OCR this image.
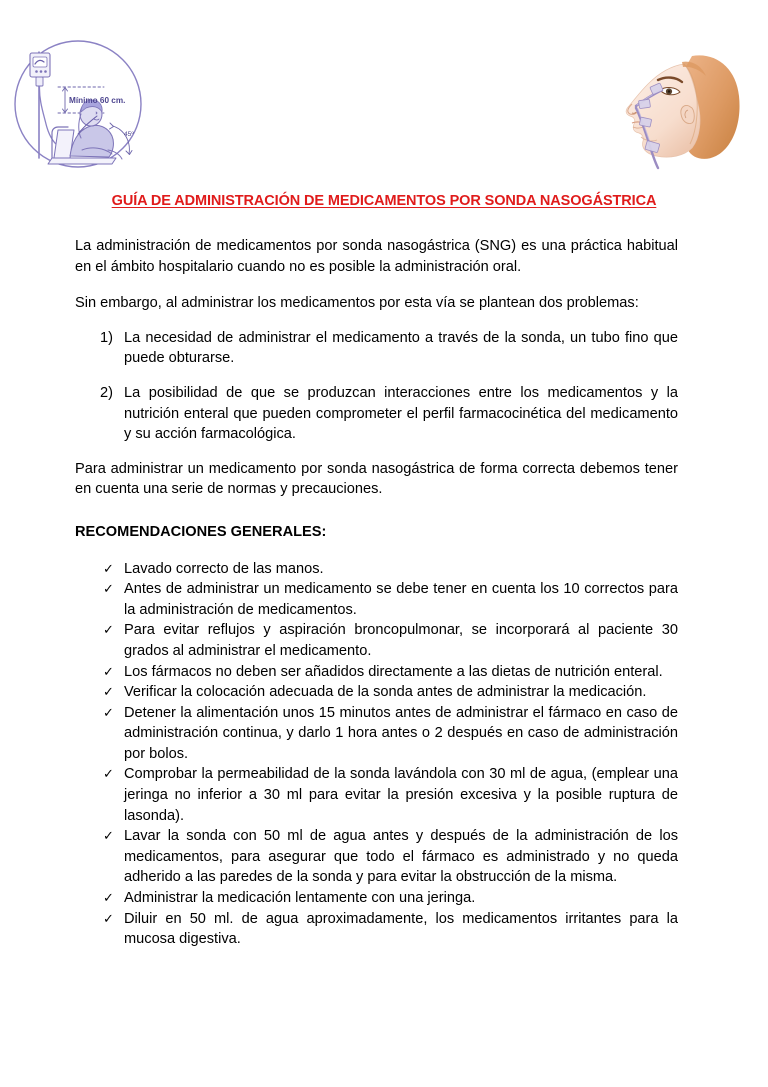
Mínimo 60 cm.
45º
GUÍA DE ADMINISTRACIÓN DE MEDICAMENTOS POR SONDA NASOGÁSTRICA

La administración de medicamentos por sonda nasogástrica (SNG) es una práctica habitual en el ámbito hospitalario cuando no es posible la administración oral.

Sin embargo, al administrar los medicamentos por esta vía se plantean dos problemas:

1) La necesidad de administrar el medicamento a través de la sonda, un tubo fino que puede obturarse.
2) La posibilidad de que se produzcan interacciones entre los medicamentos y la nutrición enteral que pueden comprometer el perfil farmacocinética del medicamento y su acción farmacológica.

Para administrar un medicamento por sonda nasogástrica de forma correcta debemos tener en cuenta una serie de normas y precauciones.

RECOMENDACIONES GENERALES:
✓ Lavado correcto de las manos.
✓ Antes de administrar un medicamento se debe tener en cuenta los 10 correctos para la administración de medicamentos.
✓ Para evitar reflujos y aspiración broncopulmonar, se incorporará al paciente 30 grados al administrar el medicamento.
✓ Los fármacos no deben ser añadidos directamente a las dietas de nutrición enteral.
✓ Verificar la colocación adecuada de la sonda antes de administrar la medicación.
✓ Detener la alimentación unos 15 minutos antes de administrar el fármaco en caso de administración continua, y darlo 1 hora antes o 2 después en caso de administración por bolos.
✓ Comprobar la permeabilidad de la sonda lavándola con 30 ml de agua, (emplear una jeringa no inferior a 30 ml para evitar la presión excesiva y la posible ruptura de lasonda).
✓ Lavar la sonda con 50 ml de agua antes y después de la administración de los medicamentos, para asegurar que todo el fármaco es administrado y no queda adherido a las paredes de la sonda y para evitar la obstrucción de la misma.
✓ Administrar la medicación lentamente con una jeringa.
✓ Diluir en 50 ml. de agua aproximadamente, los medicamentos irritantes para la mucosa digestiva.
